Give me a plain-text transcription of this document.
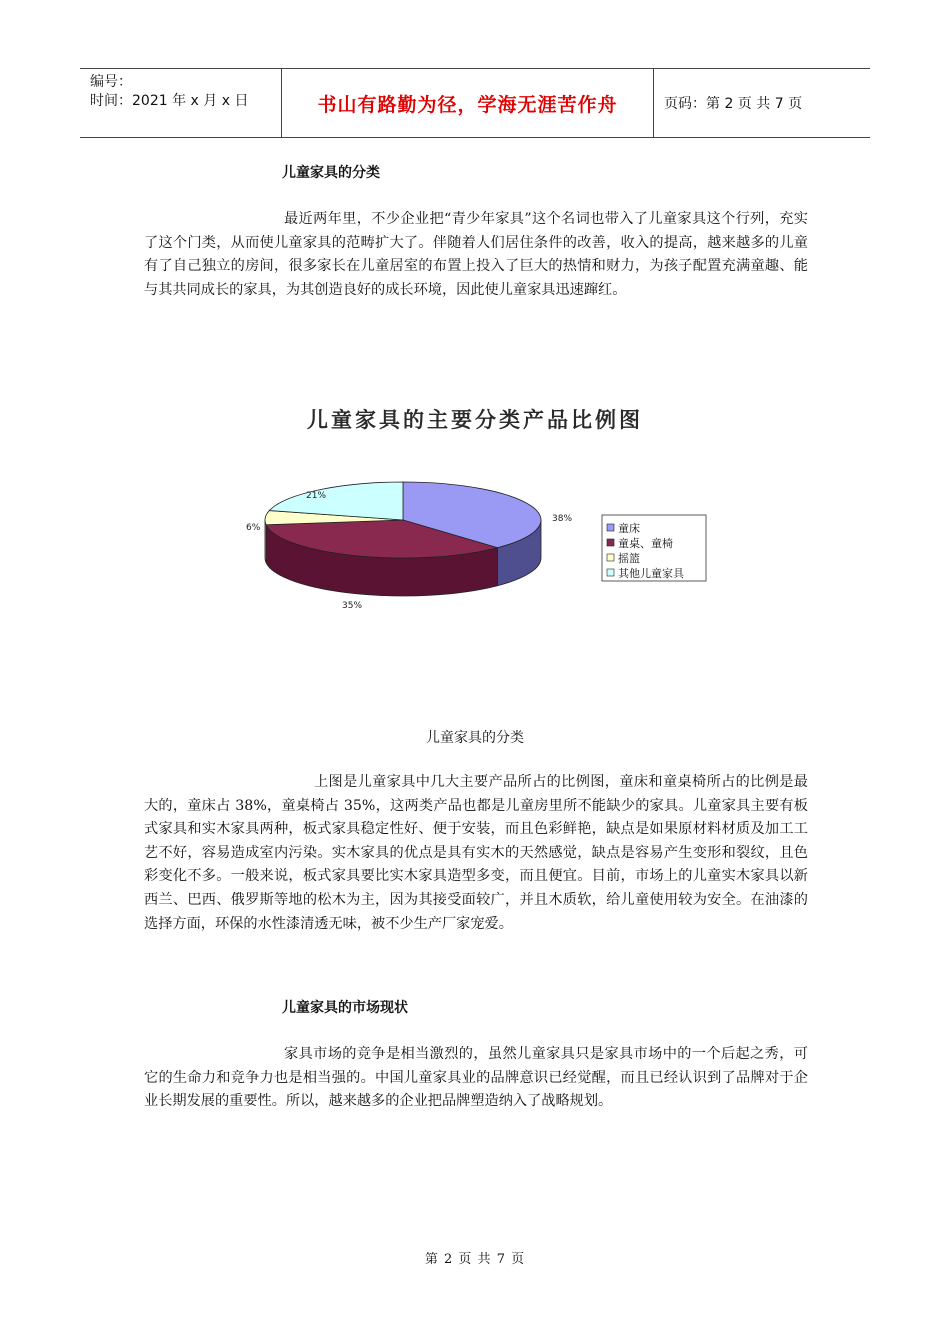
编号：
时间：2021 年 x 月 x 日	书山有路勤为径，学海无涯苦作舟	页码：第 2 页 共 7 页
儿童家具的分类
最近两年里，不少企业把“青少年家具”这个名词也带入了儿童家具这个行列，充实了这个门类，从而使儿童家具的范畴扩大了。伴随着人们居住条件的改善，收入的提高，越来越多的儿童有了自己独立的房间，很多家长在儿童居室的布置上投入了巨大的热情和财力，为孩子配置充满童趣、能与其共同成长的家具，为其创造良好的成长环境，因此使儿童家具迅速蹿红。
儿童家具的主要分类产品比例图
38%
35%
6%
21%
童床
童桌、童椅
摇篮
其他儿童家具
儿童家具的分类
上图是儿童家具中几大主要产品所占的比例图，童床和童桌椅所占的比例是最大的，童床占 38%，童桌椅占 35%，这两类产品也都是儿童房里所不能缺少的家具。儿童家具主要有板式家具和实木家具两种，板式家具稳定性好、便于安装，而且色彩鲜艳，缺点是如果原材料材质及加工工艺不好，容易造成室内污染。实木家具的优点是具有实木的天然感觉，缺点是容易产生变形和裂纹，且色彩变化不多。一般来说，板式家具要比实木家具造型多变，而且便宜。目前，市场上的儿童实木家具以新西兰、巴西、俄罗斯等地的松木为主，因为其接受面较广，并且木质软，给儿童使用较为安全。在油漆的选择方面，环保的水性漆清透无味，被不少生产厂家宠爱。
儿童家具的市场现状
家具市场的竞争是相当激烈的，虽然儿童家具只是家具市场中的一个后起之秀，可它的生命力和竞争力也是相当强的。中国儿童家具业的品牌意识已经觉醒，而且已经认识到了品牌对于企业长期发展的重要性。所以，越来越多的企业把品牌塑造纳入了战略规划。
第 2 页 共 7 页
